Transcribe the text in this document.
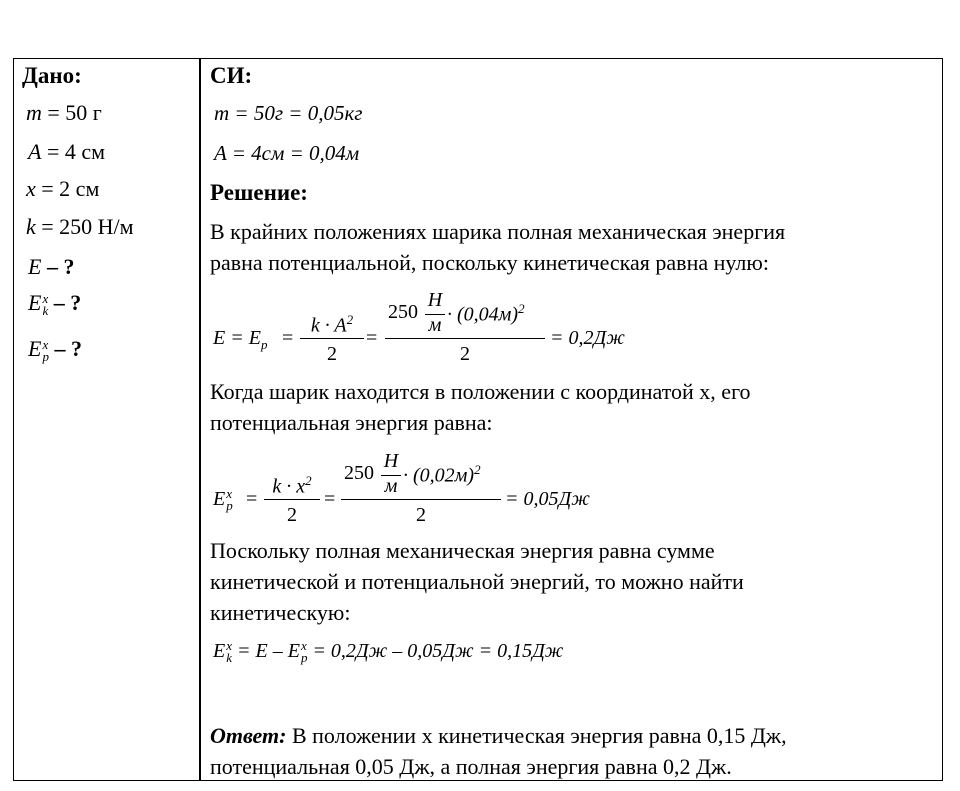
Дано:
m = 50 г
A = 4 см
x = 2 см
k = 250 Н/м
E – ?
E x
k – ?
E x
p – ?
СИ:
m = 50г = 0,05кг
A = 4см = 0,04м
Решение:
В крайних положениях шарика полная механическая энергия
равна потенциальной, поскольку кинетическая равна нулю:
$E = E_p$ =
$k \cdot A^2$
2
=
250
Н
$м \cdot (0,04м)^2$
2
= 0,2Дж
Когда шарик находится в положении с координатой х, его
потенциальная энергия равна:
E x
p =
$k \cdot x^2$
2
=
250
Н
$м \cdot (0,02м)^2$
2
= 0,05Дж
Поскольку полная механическая энергия равна сумме
кинетической и потенциальной энергий, то можно найти
кинетическую:
E x
k = E – E x
p = 0,2Дж – 0,05Дж = 0,15Дж
Ответ: В положении х кинетическая энергия равна 0,15 Дж,
потенциальная 0,05 Дж, а полная энергия равна 0,2 Дж.
